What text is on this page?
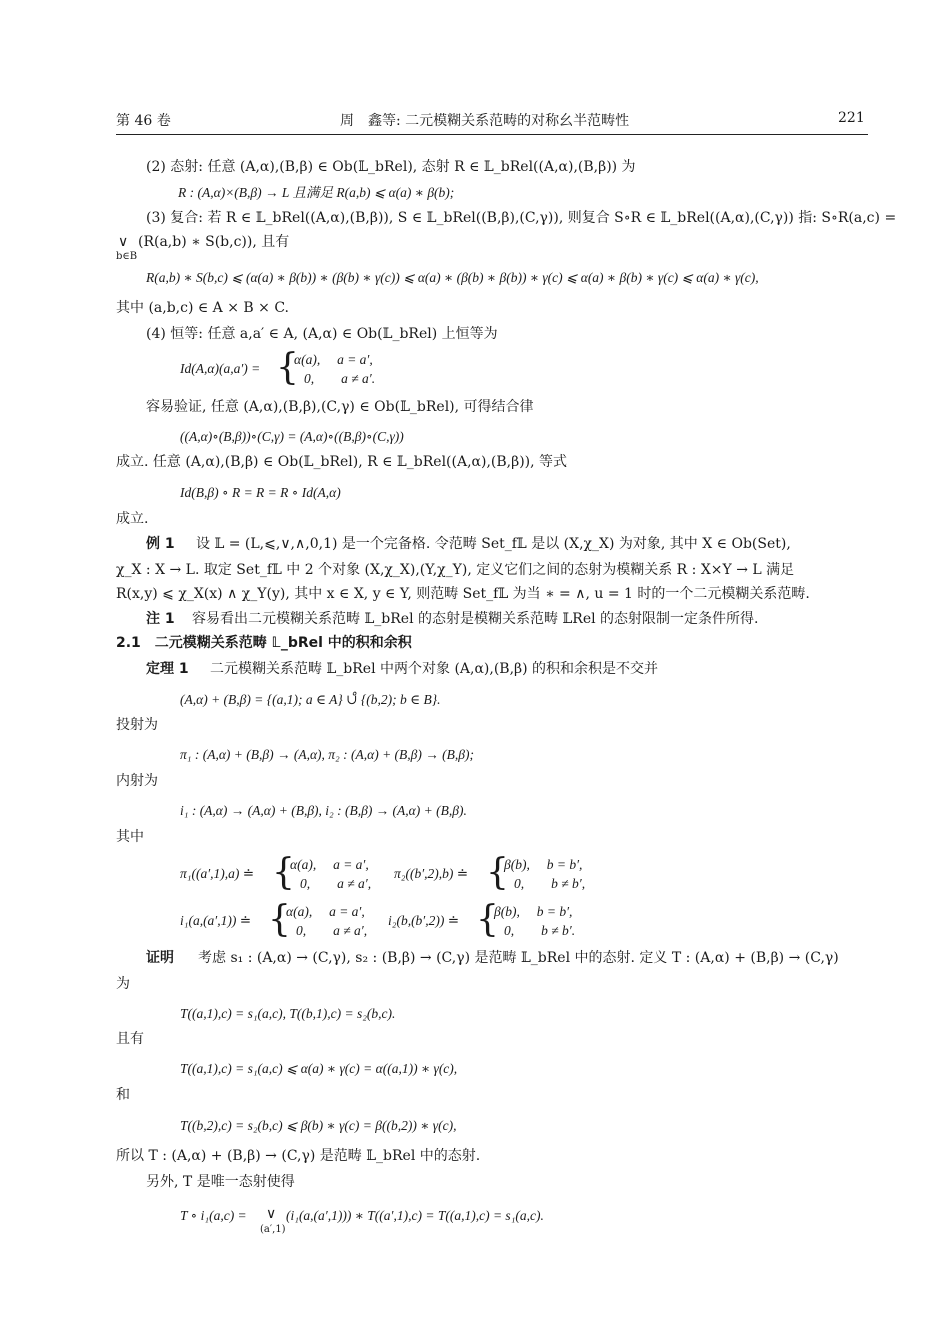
第 46 卷	周　鑫等: 二元模糊关系范畴的对称幺半范畴性	221
(2) 态射: 任意 (A,α),(B,β) ∈ Ob(𝕃_bRel), 态射 R ∈ 𝕃_bRel((A,α),(B,β)) 为
R : (A,α)×(B,β) → L 且满足 R(a,b) ⩽ α(a) ∗ β(b);
(3) 复合: 若 R ∈ 𝕃_bRel((A,α),(B,β)), S ∈ 𝕃_bRel((B,β),(C,γ)), 则复合 S∘R ∈ 𝕃_bRel((A,α),(C,γ)) 指: S∘R(a,c) =
∨
b∈B
(R(a,b) ∗ S(b,c)), 且有
R(a,b) ∗ S(b,c) ⩽ (α(a) ∗ β(b)) ∗ (β(b) ∗ γ(c)) ⩽ α(a) ∗ (β(b) ∗ β(b)) ∗ γ(c) ⩽ α(a) ∗ β(b) ∗ γ(c) ⩽ α(a) ∗ γ(c),
其中 (a,b,c) ∈ A × B × C.
(4) 恒等: 任意 a,a′ ∈ A, (A,α) ∈ Ob(𝕃_bRel) 上恒等为
Id(A,α)(a,a′) = {
α(a),　 a = a′,
0,　　a ≠ a′.
容易验证, 任意 (A,α),(B,β),(C,γ) ∈ Ob(𝕃_bRel), 可得结合律
((A,α)∘(B,β))∘(C,γ) = (A,α)∘((B,β)∘(C,γ))
成立. 任意 (A,α),(B,β) ∈ Ob(𝕃_bRel), R ∈ 𝕃_bRel((A,α),(B,β)), 等式
Id(B,β) ∘ R = R = R ∘ Id(A,α)
成立.
例 1 设 𝕃 = (L,⩽,∨,∧,0,1) 是一个完备格. 令范畴 Set_f𝕃 是以 (X,χ_X) 为对象, 其中 X ∈ Ob(Set),
χ_X : X → L. 取定 Set_f𝕃 中 2 个对象 (X,χ_X),(Y,χ_Y), 定义它们之间的态射为模糊关系 R : X×Y → L 满足
R(x,y) ⩽ χ_X(x) ∧ χ_Y(y), 其中 x ∈ X, y ∈ Y, 则范畴 Set_f𝕃 为当 ∗ = ∧, u = 1 时的一个二元模糊关系范畴.
注 1 容易看出二元模糊关系范畴 𝕃_bRel 的态射是模糊关系范畴 𝕃Rel 的态射限制一定条件所得.
2.1　二元模糊关系范畴 𝕃_bRel 中的积和余积
定理 1 二元模糊关系范畴 𝕃_bRel 中两个对象 (A,α),(B,β) 的积和余积是不交并
(A,α) + (B,β) = {(a,1); a ∈ A} ∪̊ {(b,2); b ∈ B}.
投射为
π₁ : (A,α) + (B,β) → (A,α), π₂ : (A,α) + (B,β) → (B,β);
内射为
i₁ : (A,α) → (A,α) + (B,β), i₂ : (B,β) → (A,α) + (B,β).
其中
π₁((a′,1),a) ≐ {
α(a),　 a = a′,
0,　　a ≠ a′,
π₂((b′,2),b) ≐ {
β(b),　 b = b′,
0,　　b ≠ b′,
i₁(a,(a′,1)) ≐ {
α(a),　 a = a′,
0,　　a ≠ a′,
i₂(b,(b′,2)) ≐ {
β(b),　 b = b′,
0,　　b ≠ b′.
证明 考虑 s₁ : (A,α) → (C,γ), s₂ : (B,β) → (C,γ) 是范畴 𝕃_bRel 中的态射. 定义 T : (A,α) + (B,β) → (C,γ)
为
T((a,1),c) = s₁(a,c), T((b,1),c) = s₂(b,c).
且有
T((a,1),c) = s₁(a,c) ⩽ α(a) ∗ γ(c) = α((a,1)) ∗ γ(c),
和
T((b,2),c) = s₂(b,c) ⩽ β(b) ∗ γ(c) = β((b,2)) ∗ γ(c),
所以 T : (A,α) + (B,β) → (C,γ) 是范畴 𝕃_bRel 中的态射.
另外, T 是唯一态射使得
T ∘ i₁(a,c) = ∨
(a′,1)
(i₁(a,(a′,1))) ∗ T((a′,1),c) = T((a,1),c) = s₁(a,c).
